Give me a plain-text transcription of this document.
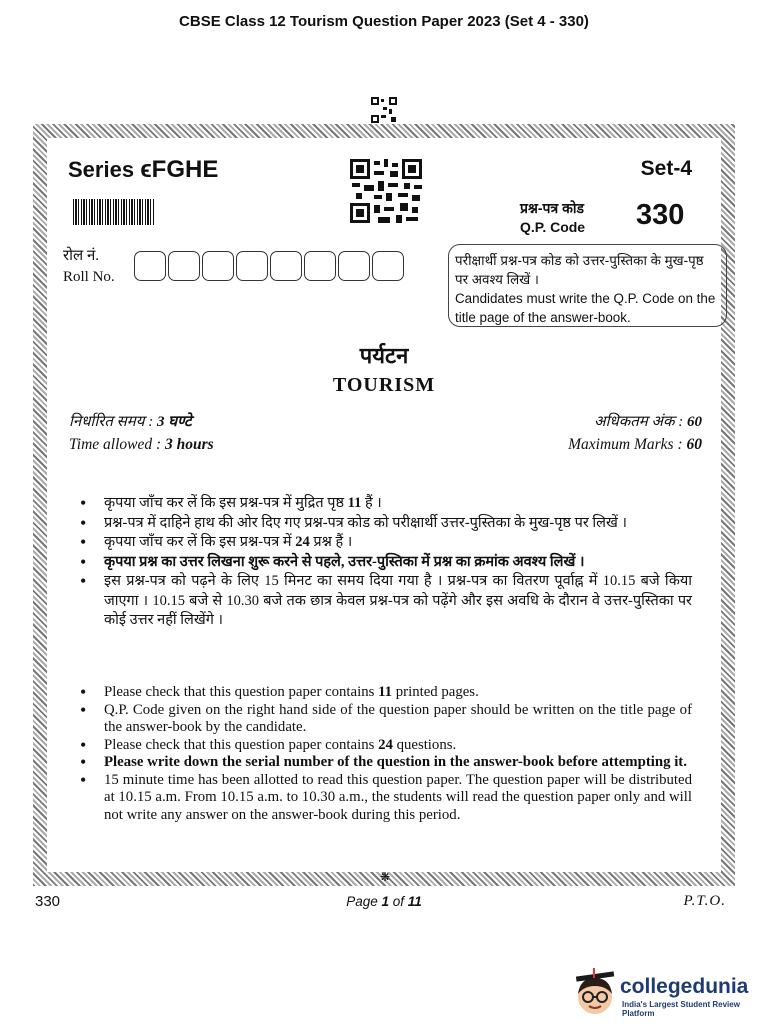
CBSE Class 12 Tourism Question Paper 2023 (Set 4 - 330)
Series ϵFGHE	Set-4
प्रश्न-पत्र कोड
Q.P. Code 330
रोल नं.
Roll No.
परीक्षार्थी प्रश्न-पत्र कोड को उत्तर-पुस्तिका के मुख-पृष्ठ पर अवश्य लिखें ।
Candidates must write the Q.P. Code on the title page of the answer-book.
पर्यटन
TOURISM
निर्धारित समय : 3 घण्टे
Time allowed : 3 hours
अधिकतम अंक : 60
Maximum Marks : 60
• कृपया जाँच कर लें कि इस प्रश्न-पत्र में मुद्रित पृष्ठ 11 हैं ।
• प्रश्न-पत्र में दाहिने हाथ की ओर दिए गए प्रश्न-पत्र कोड को परीक्षार्थी उत्तर-पुस्तिका के मुख-पृष्ठ पर लिखें ।
• कृपया जाँच कर लें कि इस प्रश्न-पत्र में 24 प्रश्न हैं ।
• कृपया प्रश्न का उत्तर लिखना शुरू करने से पहले, उत्तर-पुस्तिका में प्रश्न का क्रमांक अवश्य लिखें ।
• इस प्रश्न-पत्र को पढ़ने के लिए 15 मिनट का समय दिया गया है । प्रश्न-पत्र का वितरण पूर्वाह्न में 10.15 बजे किया जाएगा । 10.15 बजे से 10.30 बजे तक छात्र केवल प्रश्न-पत्र को पढ़ेंगे और इस अवधि के दौरान वे उत्तर-पुस्तिका पर कोई उत्तर नहीं लिखेंगे ।
• Please check that this question paper contains 11 printed pages.
• Q.P. Code given on the right hand side of the question paper should be written on the title page of the answer-book by the candidate.
• Please check that this question paper contains 24 questions.
• Please write down the serial number of the question in the answer-book before attempting it.
• 15 minute time has been allotted to read this question paper. The question paper will be distributed at 10.15 a.m. From 10.15 a.m. to 10.30 a.m., the students will read the question paper only and will not write any answer on the answer-book during this period.
❋
330	Page 1 of 11	P.T.O.
collegedunia
India's Largest Student Review Platform
